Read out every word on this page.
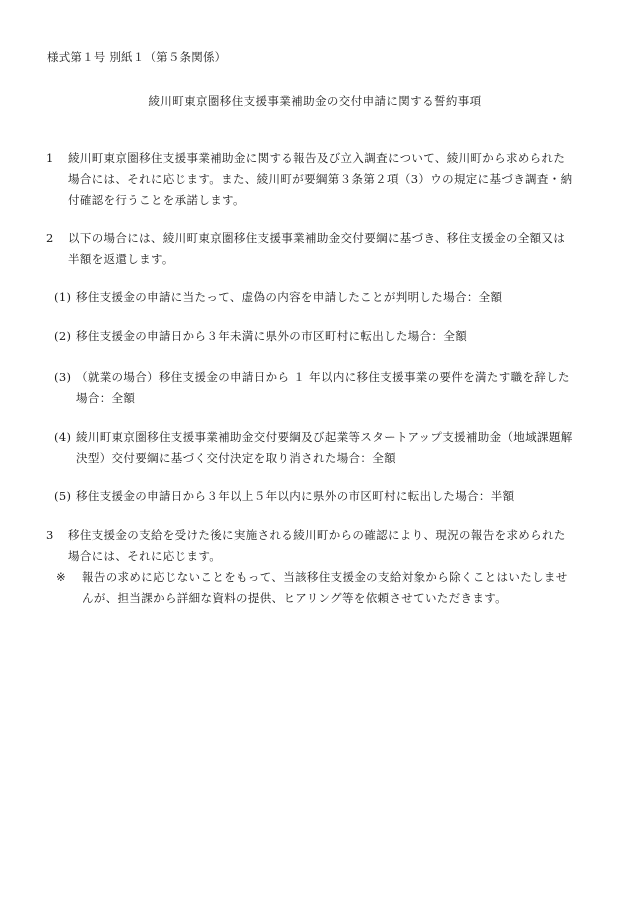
様式第１号 別紙１（第５条関係）
綾川町東京圏移住支援事業補助金の交付申請に関する誓約事項
1	綾川町東京圏移住支援事業補助金に関する報告及び立入調査について、綾川町から求められた場合には、それに応じます。また、綾川町が要綱第３条第２項（3）ウの規定に基づき調査・納付確認を行うことを承諾します。
2	以下の場合には、綾川町東京圏移住支援事業補助金交付要綱に基づき、移住支援金の全額又は半額を返還します。
(1) 移住支援金の申請に当たって、虚偽の内容を申請したことが判明した場合：全額
(2) 移住支援金の申請日から３年未満に県外の市区町村に転出した場合：全額
(3) （就業の場合）移住支援金の申請日から １ 年以内に移住支援事業の要件を満たす職を辞した場合：全額
(4) 綾川町東京圏移住支援事業補助金交付要綱及び起業等スタートアップ支援補助金（地域課題解決型）交付要綱に基づく交付決定を取り消された場合：全額
(5) 移住支援金の申請日から３年以上５年以内に県外の市区町村に転出した場合：半額
3	移住支援金の支給を受けた後に実施される綾川町からの確認により、現況の報告を求められた場合には、それに応じます。
※	報告の求めに応じないことをもって、当該移住支援金の支給対象から除くことはいたしませんが、担当課から詳細な資料の提供、ヒアリング等を依頼させていただきます。
